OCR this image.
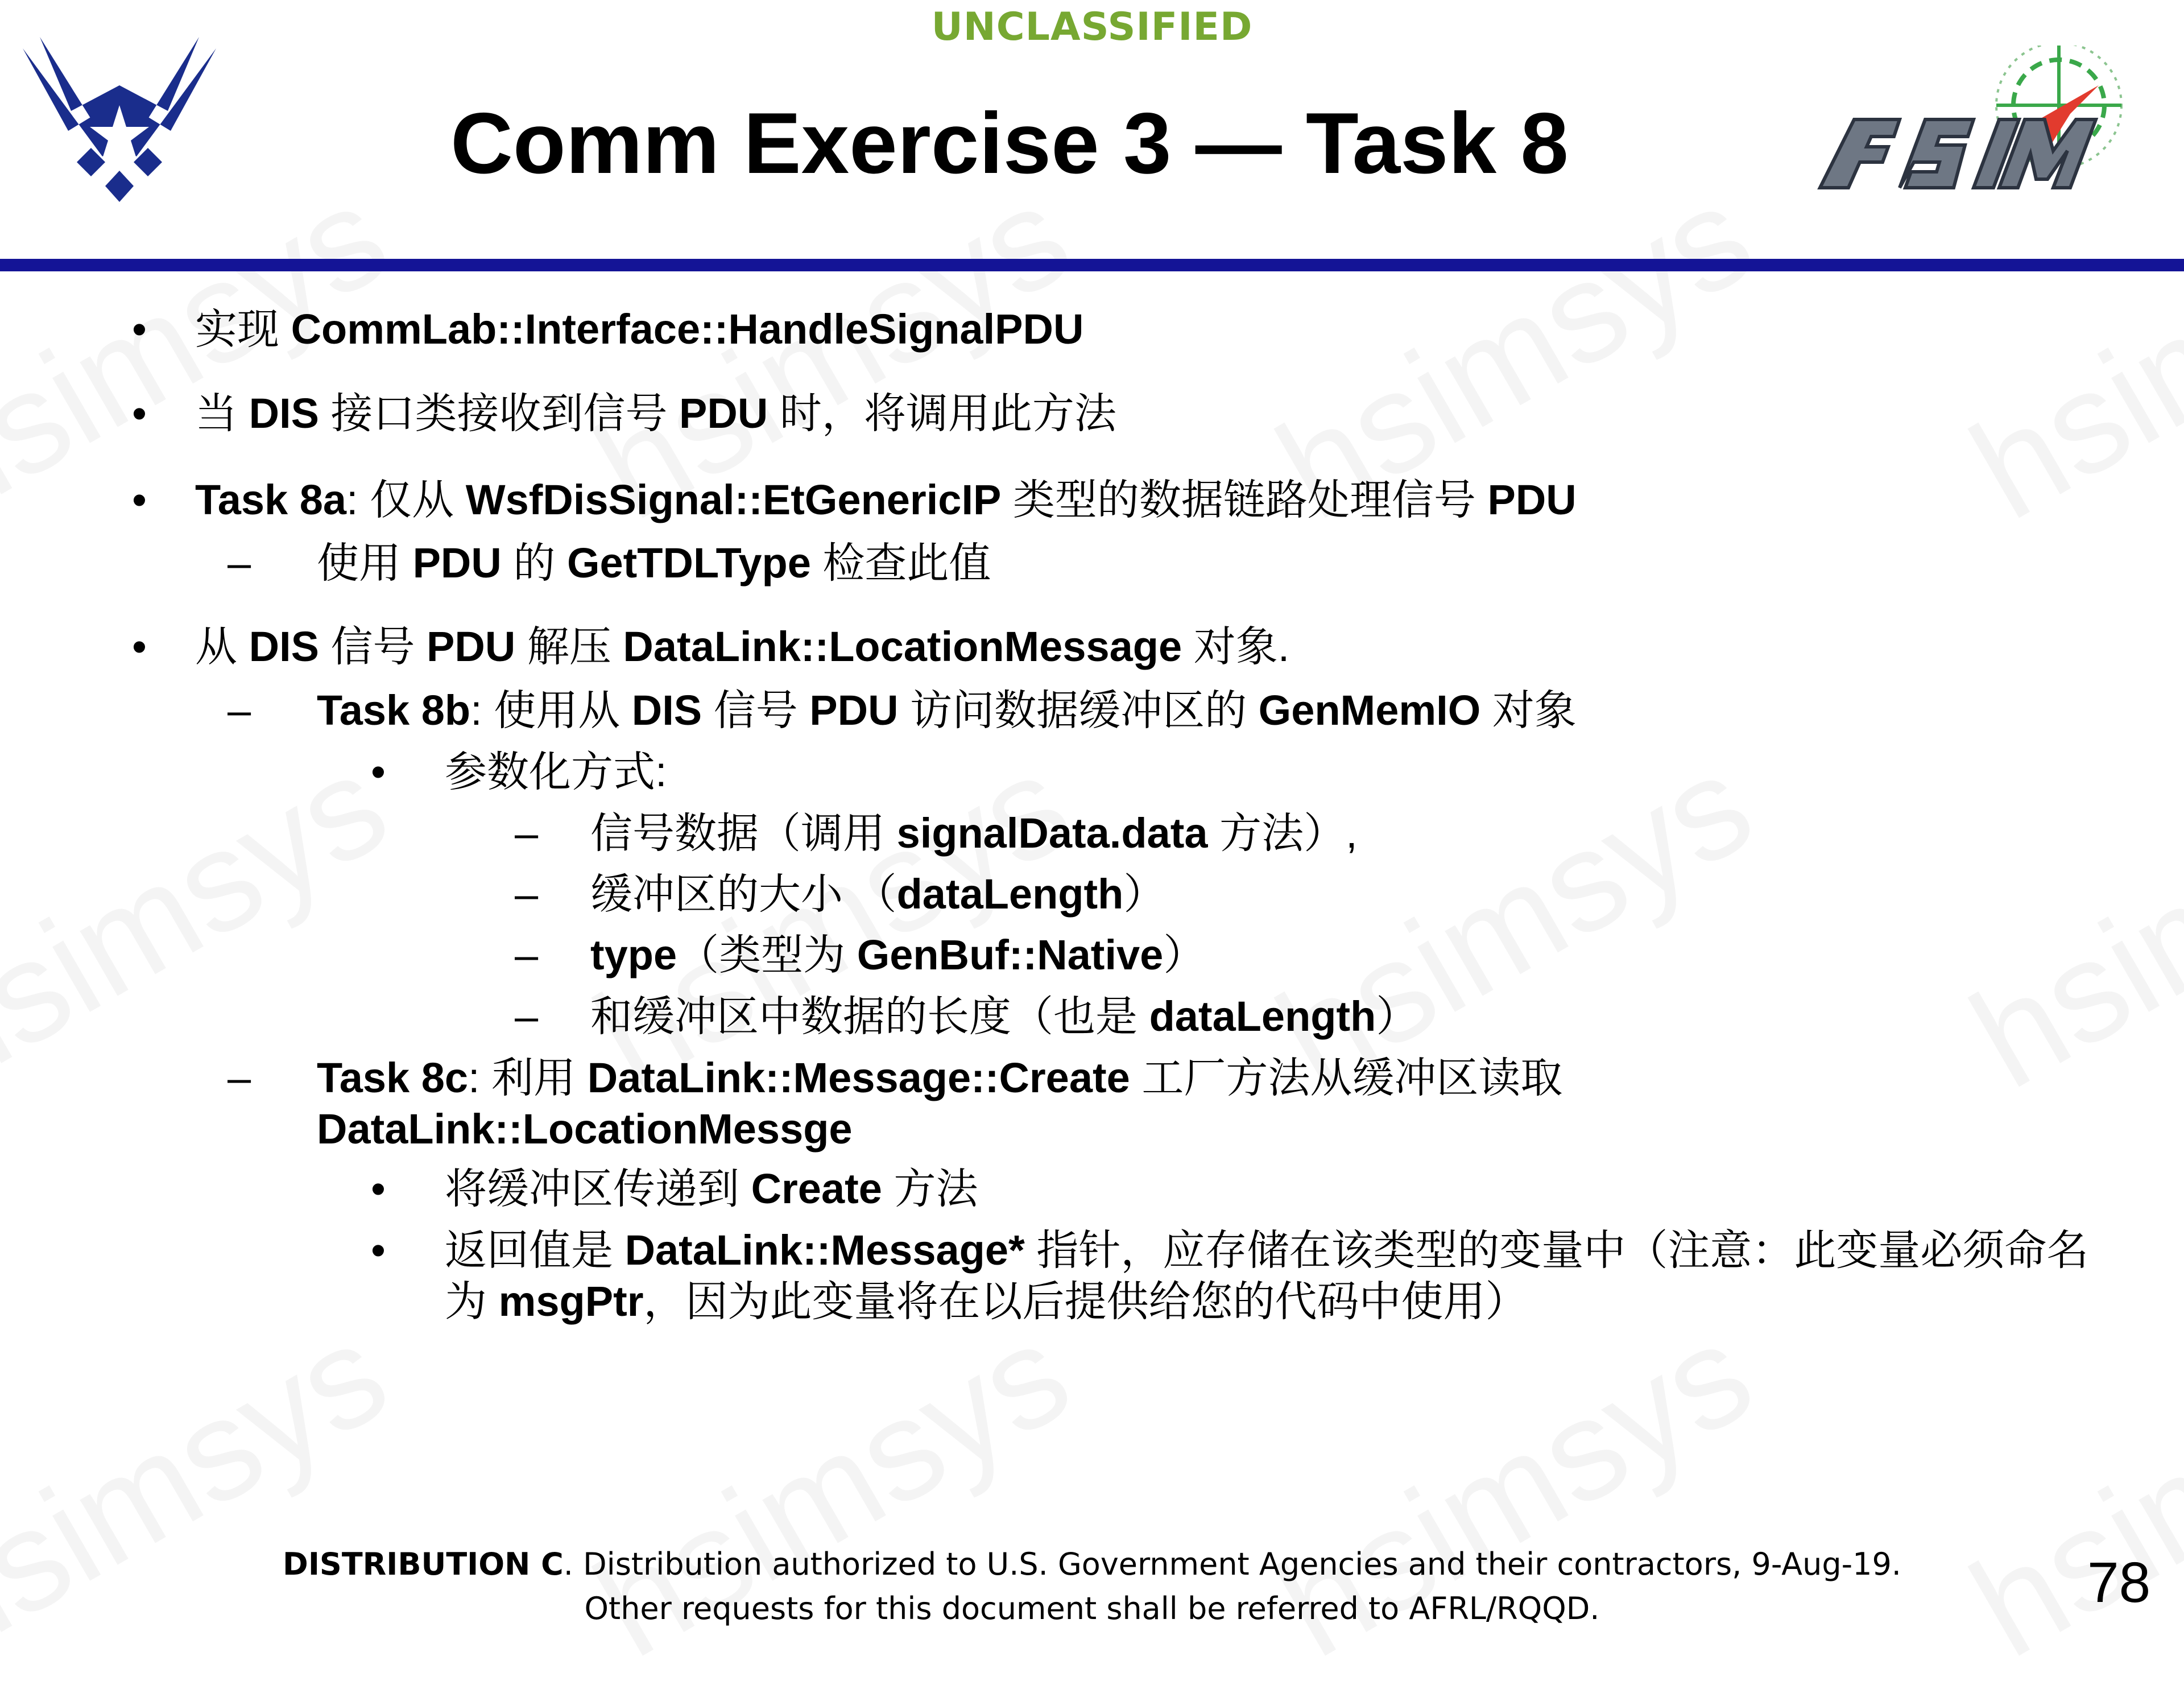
UNCLASSIFIED
Comm Exercise 3 — Task 8
• 实现 CommLab::Interface::HandleSignalPDU
• 当 DIS 接口类接收到信号 PDU 时，将调用此方法
• Task 8a: 仅从 WsfDisSignal::EtGenericIP 类型的数据链路处理信号 PDU
– 使用 PDU 的 GetTDLType 检查此值
• 从 DIS 信号 PDU 解压 DataLink::LocationMessage 对象.
– Task 8b: 使用从 DIS 信号 PDU 访问数据缓冲区的 GenMemIO 对象
• 参数化方式:
– 信号数据（调用 signalData.data 方法）,
– 缓冲区的大小 （dataLength）
– type（类型为 GenBuf::Native）
– 和缓冲区中数据的长度（也是 dataLength）
– Task 8c: 利用 DataLink::Message::Create 工厂方法从缓冲区读取
DataLink::LocationMessge
• 将缓冲区传递到 Create 方法
• 返回值是 DataLink::Message* 指针，应存储在该类型的变量中（注意：此变量必须命名
为 msgPtr，因为此变量将在以后提供给您的代码中使用）
DISTRIBUTION C. Distribution authorized to U.S. Government Agencies and their contractors, 9-Aug-19.
Other requests for this document shall be referred to AFRL/RQQD.	78
